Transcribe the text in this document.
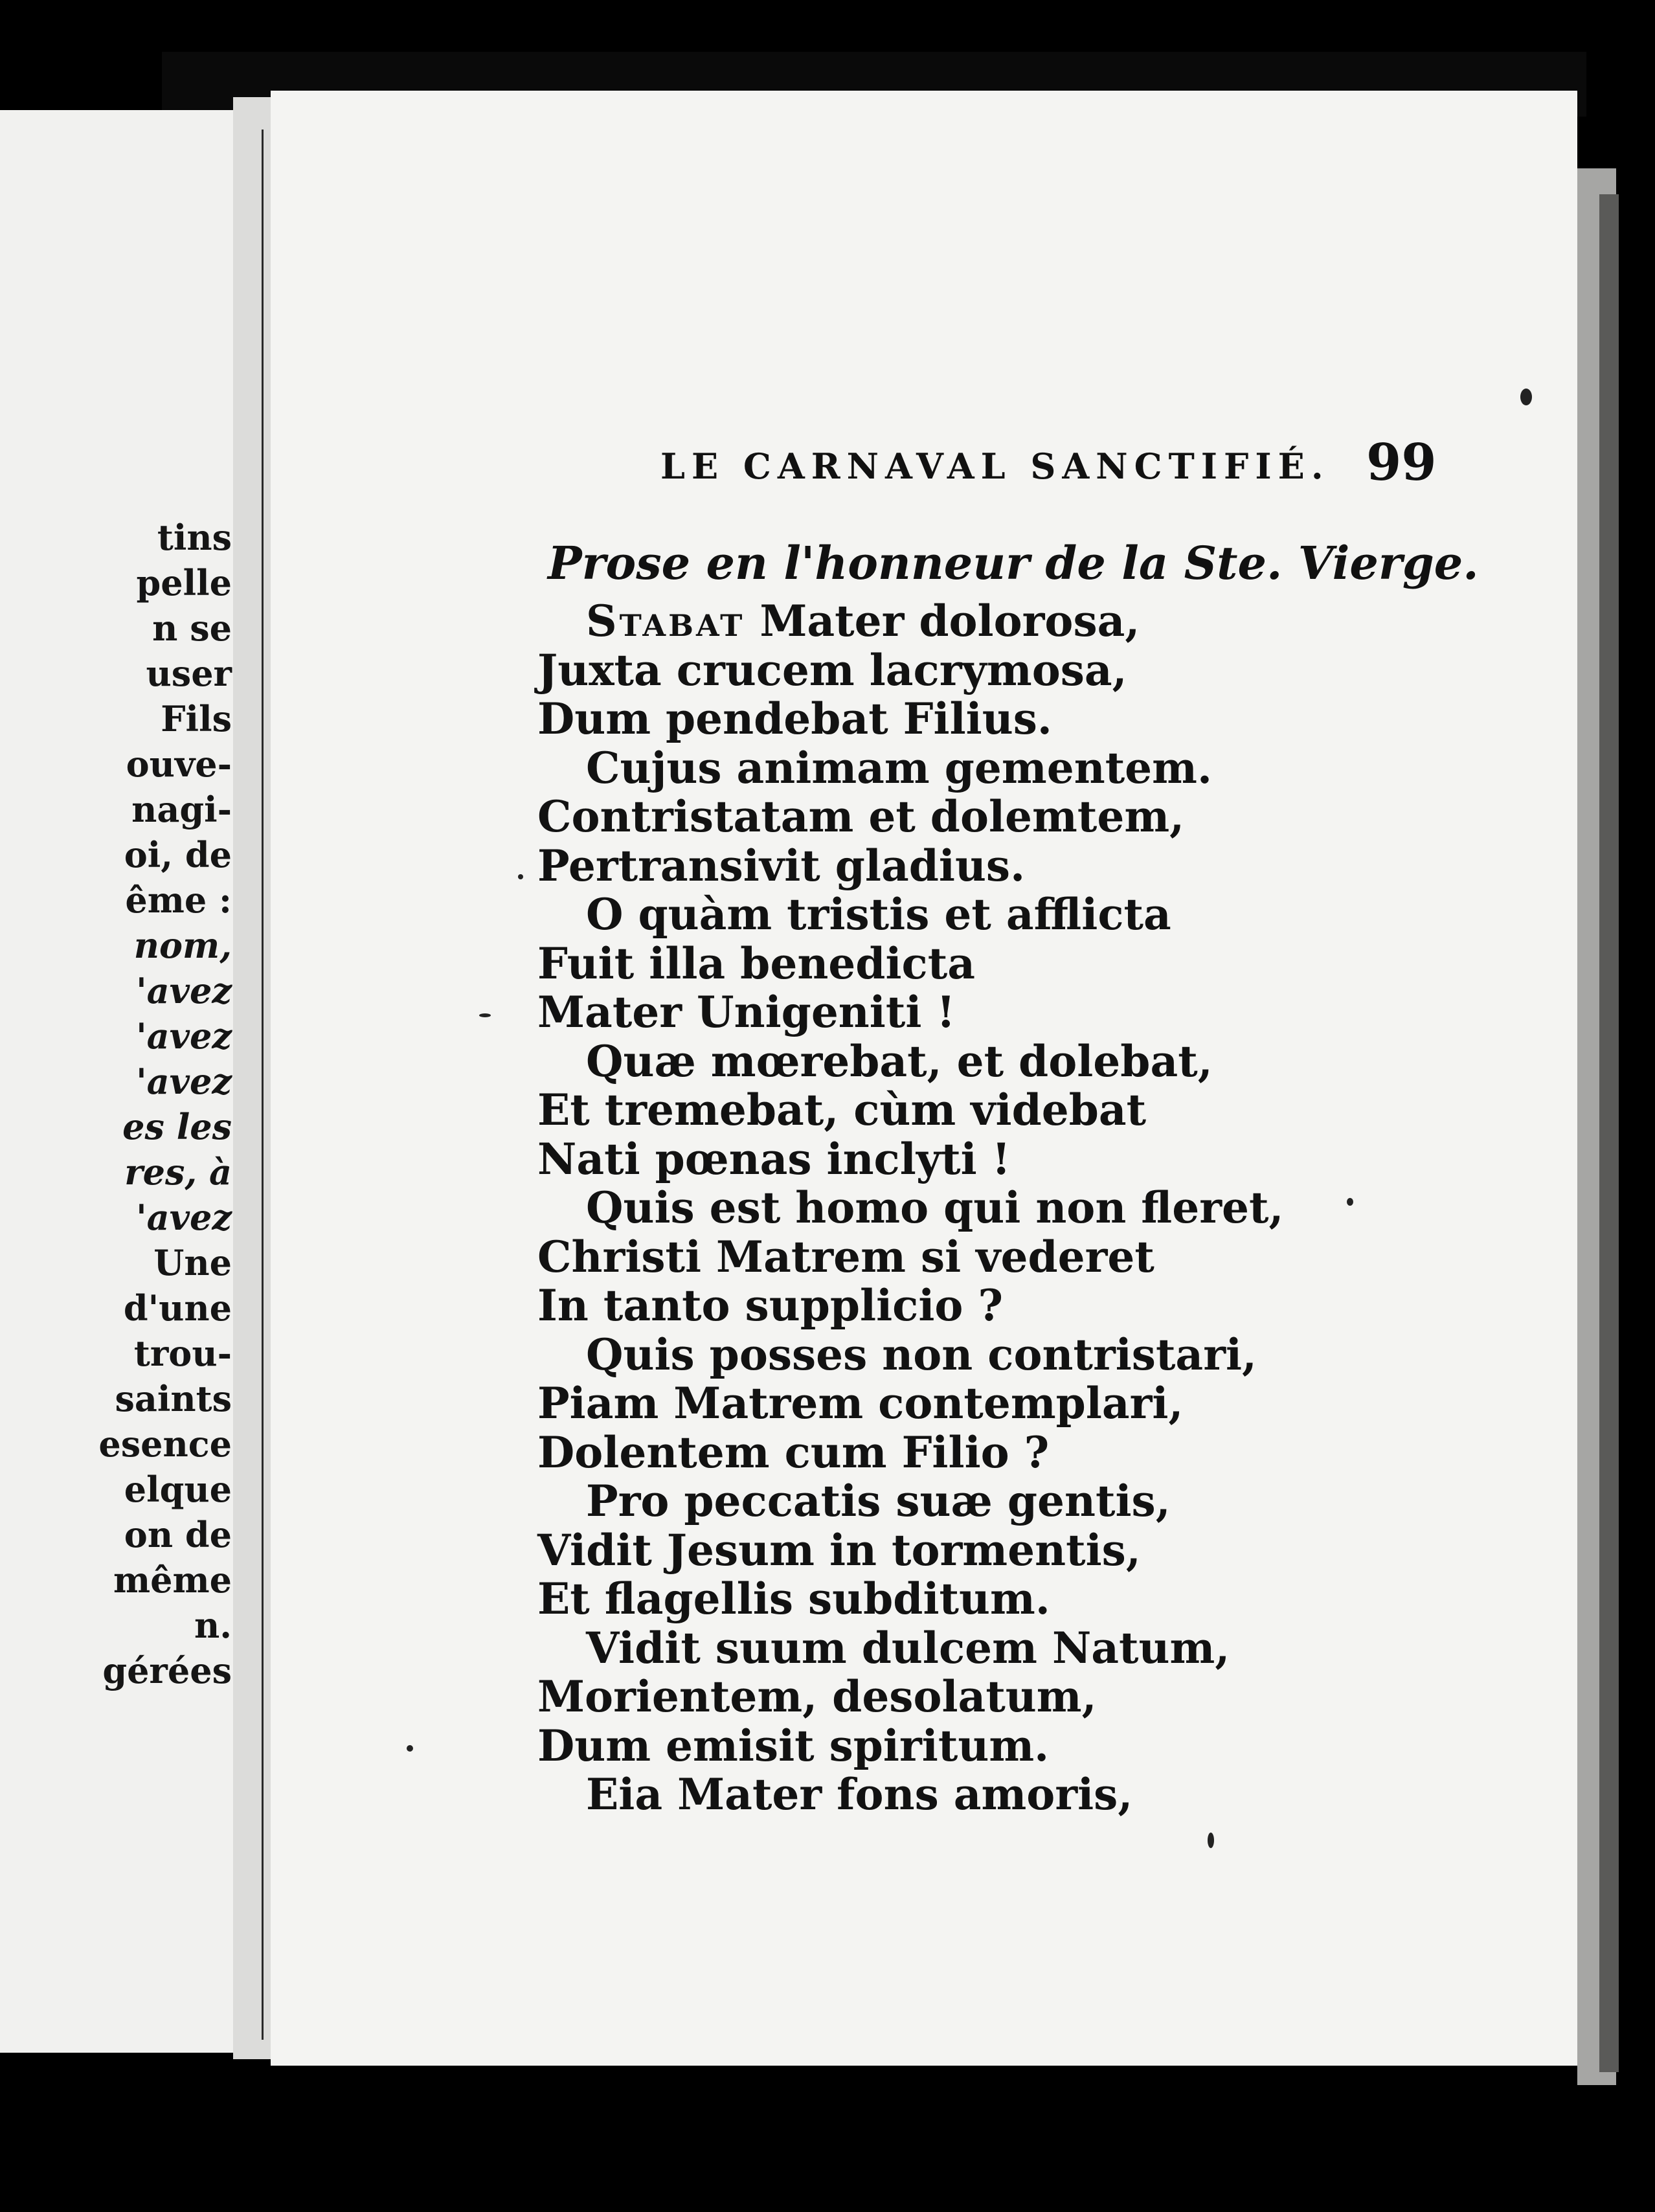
tins
pelle
n se
user
Fils
ouve-
nagi-
oi, de
ême :
nom,
'avez
'avez
'avez
es les
res, à
'avez
Une
d'une
trou-
saints
esence
elque
on de
même
n.
gérées
LE CARNAVAL SANCTIFIÉ. 99
Prose en l'honneur de la Ste. Vierge.
Stabat Mater dolorosa,
Juxta crucem lacrymosa,
Dum pendebat Filius.
Cujus animam gementem.
Contristatam et dolemtem,
Pertransivit gladius.
O quàm tristis et afflicta
Fuit illa benedicta
Mater Unigeniti !
Quæ mœrebat, et dolebat,
Et tremebat, cùm videbat
Nati pœnas inclyti !
Quis est homo qui non fleret,
Christi Matrem si vederet
In tanto supplicio ?
Quis posses non contristari,
Piam Matrem contemplari,
Dolentem cum Filio ?
Pro peccatis suæ gentis,
Vidit Jesum in tormentis,
Et flagellis subditum.
Vidit suum dulcem Natum,
Morientem, desolatum,
Dum emisit spiritum.
Eia Mater fons amoris,
